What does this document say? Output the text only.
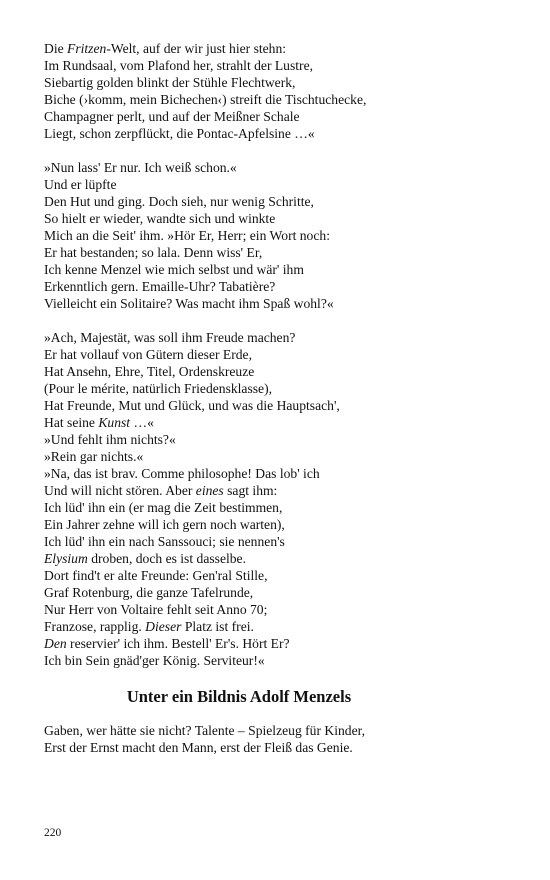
Die Fritzen-Welt, auf der wir just hier stehn:
Im Rundsaal, vom Plafond her, strahlt der Lustre,
Siebartig golden blinkt der Stühle Flechtwerk,
Biche (›komm, mein Bichechen‹) streift die Tischtuchecke,
Champagner perlt, und auf der Meißner Schale
Liegt, schon zerpflückt, die Pontac-Apfelsine …«
»Nun lass' Er nur. Ich weiß schon.«
Und er lüpfte
Den Hut und ging. Doch sieh, nur wenig Schritte,
So hielt er wieder, wandte sich und winkte
Mich an die Seit' ihm. »Hör Er, Herr; ein Wort noch:
Er hat bestanden; so lala. Denn wiss' Er,
Ich kenne Menzel wie mich selbst und wär' ihm
Erkenntlich gern. Emaille-Uhr? Tabatière?
Vielleicht ein Solitaire? Was macht ihm Spaß wohl?«
»Ach, Majestät, was soll ihm Freude machen?
Er hat vollauf von Gütern dieser Erde,
Hat Ansehn, Ehre, Titel, Ordenskreuze
(Pour le mérite, natürlich Friedensklasse),
Hat Freunde, Mut und Glück, und was die Hauptsach',
Hat seine Kunst …«
»Und fehlt ihm nichts?«
»Rein gar nichts.«
»Na, das ist brav. Comme philosophe! Das lob' ich
Und will nicht stören. Aber eines sagt ihm:
Ich lüd' ihn ein (er mag die Zeit bestimmen,
Ein Jahrer zehne will ich gern noch warten),
Ich lüd' ihn ein nach Sanssouci; sie nennen's
Elysium droben, doch es ist dasselbe.
Dort find't er alte Freunde: Gen'ral Stille,
Graf Rotenburg, die ganze Tafelrunde,
Nur Herr von Voltaire fehlt seit Anno 70;
Franzose, rapplig. Dieser Platz ist frei.
Den reservier' ich ihm. Bestell' Er's. Hört Er?
Ich bin Sein gnäd'ger König. Serviteur!«
Unter ein Bildnis Adolf Menzels
Gaben, wer hätte sie nicht? Talente – Spielzeug für Kinder,
Erst der Ernst macht den Mann, erst der Fleiß das Genie.
220
